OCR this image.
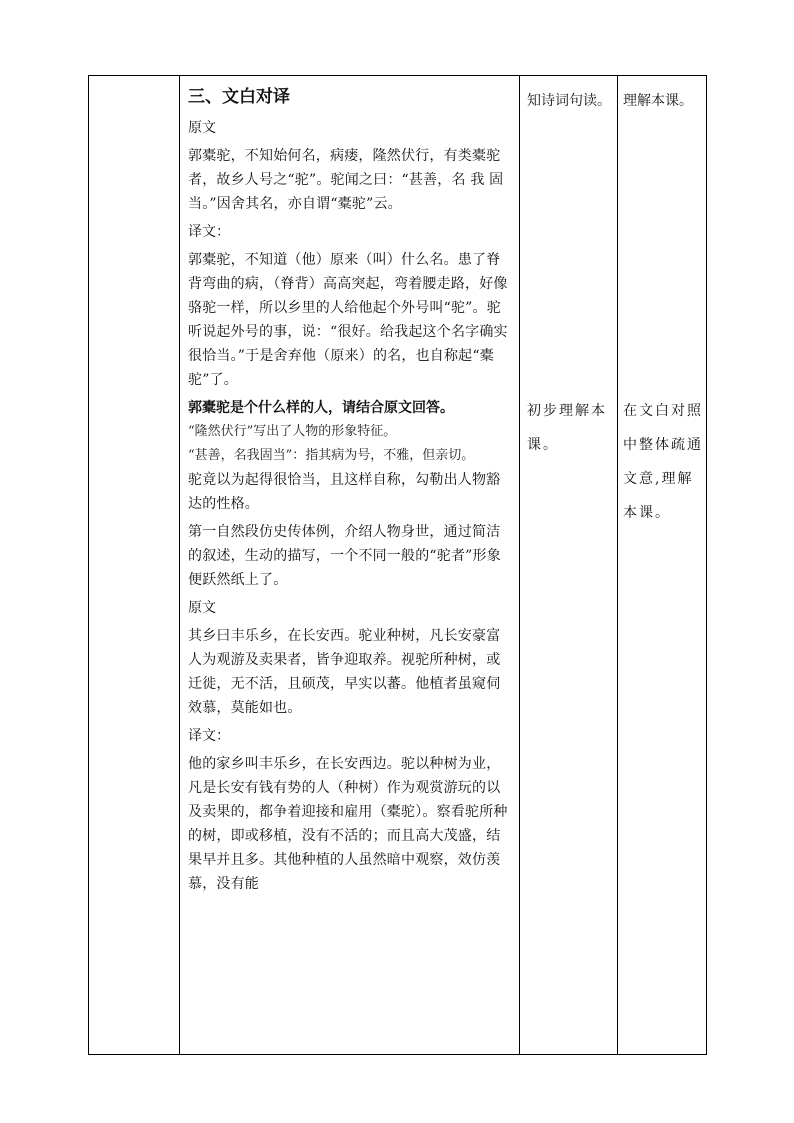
三、文白对译

原文

郭橐驼，不知始何名，病瘘，隆然伏行，有类橐驼者，故乡人号之“驼”。驼闻之曰：“甚善，名 我 固当。”因舍其名，亦自谓“橐驼”云。

译文：

郭橐驼，不知道（他）原来（叫）什么名。患了脊背弯曲的病，（脊背）高高突起，弯着腰走路，好像骆驼一样，所以乡里的人给他起个外号叫“驼”。驼听说起外号的事，说：“很好。给我起这个名字确实很恰当。”于是舍弃他（原来）的名，也自称起“橐驼”了。

郭橐驼是个什么样的人，请结合原文回答。

“隆然伏行”写出了人物的形象特征。

“甚善，名我固当”：指其病为号，不雅，但亲切。

驼竟以为起得很恰当，且这样自称，勾勒出人物豁达的性格。

第一自然段仿史传体例，介绍人物身世，通过简洁的叙述，生动的描写，一个不同一般的“驼者”形象便跃然纸上了。

原文

其乡曰丰乐乡，在长安西。驼业种树，凡长安豪富人为观游及卖果者，皆争迎取养。视驼所种树，或迁徙，无不活，且硕茂，早实以蕃。他植者虽窥伺效慕，莫能如也。

译文：

他的家乡叫丰乐乡，在长安西边。驼以种树为业，凡是长安有钱有势的人（种树）作为观赏游玩的以及卖果的，都争着迎接和雇用（橐驼）。察看驼所种的树，即或移植，没有不活的；而且高大茂盛，结果早并且多。其他种植的人虽然暗中观察，效仿羡慕，没有能

知诗词句读。
初步理解本课。
理解本课。
在文白对照中整体疏通文意,理解本课。
